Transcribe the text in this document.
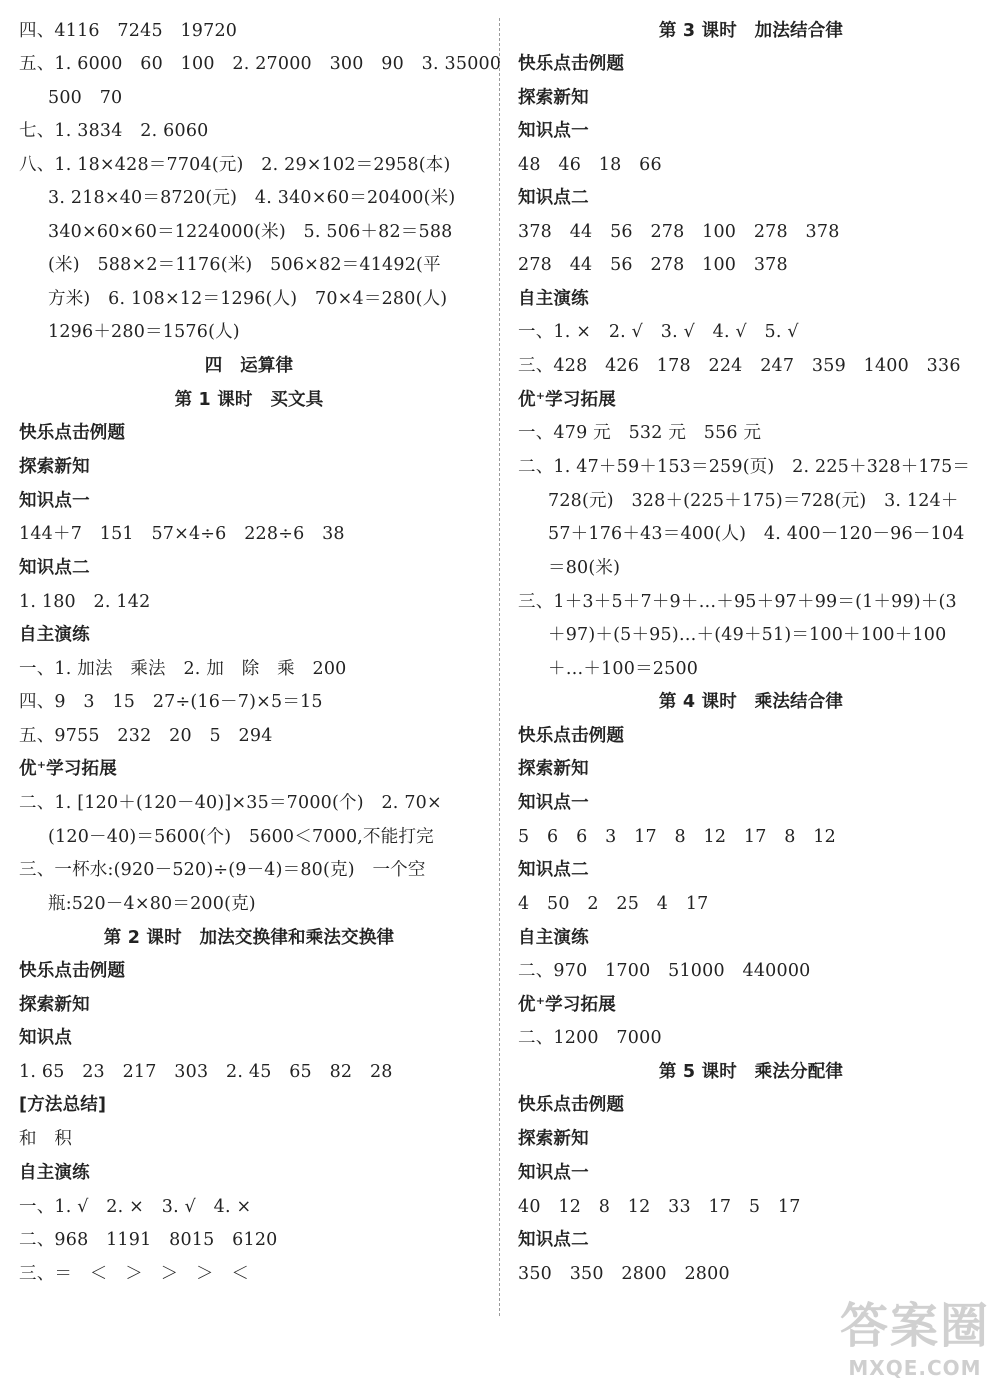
四、4116　7245　19720
五、1. 6000　60　100　2. 27000　300　90　3. 35000
500　70
七、1. 3834　2. 6060
八、1. 18×428＝7704(元)　2. 29×102＝2958(本)
3. 218×40＝8720(元)　4. 340×60＝20400(米)
340×60×60＝1224000(米)　5. 506＋82＝588
(米)　588×2＝1176(米)　506×82＝41492(平
方米)　6. 108×12＝1296(人)　70×4＝280(人)
1296＋280＝1576(人)
四　运算律
第 1 课时　买文具
快乐点击例题
探索新知
知识点一
144＋7　151　57×4÷6　228÷6　38
知识点二
1. 180　2. 142
自主演练
一、1. 加法　乘法　2. 加　除　乘　200
四、9　3　15　27÷(16－7)×5＝15
五、9755　232　20　5　294
优⁺学习拓展
二、1. [120＋(120－40)]×35＝7000(个)　2. 70×
(120－40)＝5600(个)　5600＜7000,不能打完
三、一杯水:(920－520)÷(9－4)＝80(克)　一个空
瓶:520－4×80＝200(克)
第 2 课时　加法交换律和乘法交换律
快乐点击例题
探索新知
知识点
1. 65　23　217　303　2. 45　65　82　28
[方法总结]
和　积
自主演练
一、1. √　2. ×　3. √　4. ×
二、968　1191　8015　6120
三、＝　＜　＞　＞　＞　＜
第 3 课时　加法结合律
快乐点击例题
探索新知
知识点一
48　46　18　66
知识点二
378　44　56　278　100　278　378
278　44　56　278　100　378
自主演练
一、1. ×　2. √　3. √　4. √　5. √
三、428　426　178　224　247　359　1400　336
优⁺学习拓展
一、479 元　532 元　556 元
二、1. 47＋59＋153＝259(页)　2. 225＋328＋175＝
728(元)　328＋(225＋175)＝728(元)　3. 124＋
57＋176＋43＝400(人)　4. 400－120－96－104
＝80(米)
三、1＋3＋5＋7＋9＋…＋95＋97＋99＝(1＋99)＋(3
＋97)＋(5＋95)…＋(49＋51)＝100＋100＋100
＋…＋100＝2500
第 4 课时　乘法结合律
快乐点击例题
探索新知
知识点一
5　6　6　3　17　8　12　17　8　12
知识点二
4　50　2　25　4　17
自主演练
二、970　1700　51000　440000
优⁺学习拓展
二、1200　7000
第 5 课时　乘法分配律
快乐点击例题
探索新知
知识点一
40　12　8　12　33　17　5　17
知识点二
350　350　2800　2800
答案圈
MXQE.COM
